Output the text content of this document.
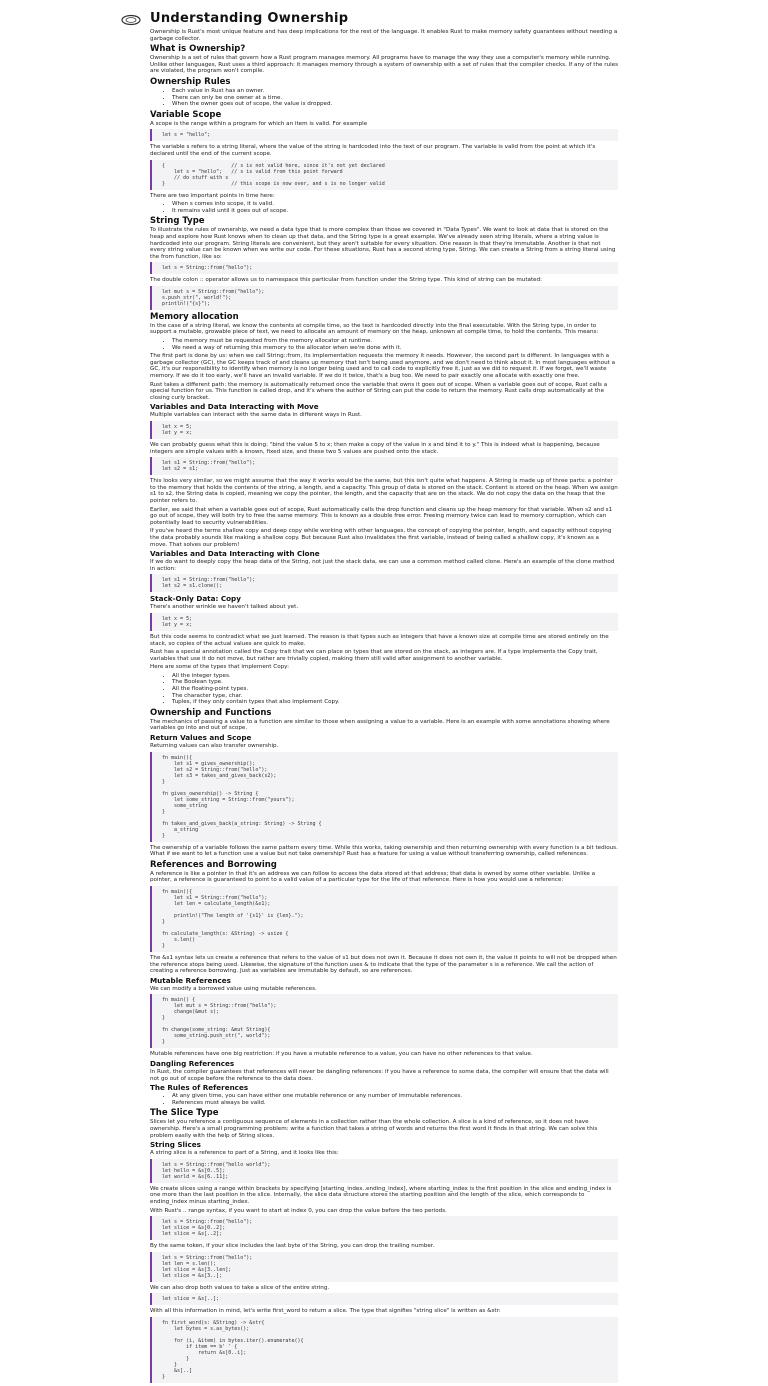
Understanding Ownership

Ownership is Rust's most unique feature and has deep implications for the rest of the language. It enables Rust to make memory safety guarantees without needing a garbage collector.

What is Ownership?

Ownership is a set of rules that govern how a Rust program manages memory. All programs have to manage the way they use a computer's memory while running. Unlike other languages, Rust uses a third approach: it manages memory through a system of ownership with a set of rules that the compiler checks. If any of the rules are violated, the program won't compile.

Ownership Rules
• Each value in Rust has an owner.
• There can only be one owner at a time.
• When the owner goes out of scope, the value is dropped.
Variable Scope

A scope is the range within a program for which an item is valid. For example

let s = "hello";

The variable s refers to a string literal, where the value of the string is hardcoded into the text of our program. The variable is valid from the point at which it's declared until the end of the current scope.

{                      // s is not valid here, since it's not yet declared
let s = "hello";   // s is valid from this point forward
// do stuff with s
}                      // this scope is now over, and s is no longer valid

There are two important points in time here:

• When s comes into scope, it is valid.
• It remains valid until it goes out of scope.
String Type

To illustrate the rules of ownership, we need a data type that is more complex than those we covered in "Data Types". We want to look at data that is stored on the heap and explore how Rust knows when to clean up that data, and the String type is a great example. We've already seen string literals, where a string value is hardcoded into our program. String literals are convenient, but they aren't suitable for every situation. One reason is that they're immutable. Another is that not every string value can be known when we write our code. For these situations, Rust has a second string type, String. We can create a String from a string literal using the from function, like so:

let s = String::from("hello");

The double colon :: operator allows us to namespace this particular from function under the String type. This kind of string can be mutated:

let mut s = String::from("hello");
s.push_str(", world!");
println!("{s}");
Memory allocation

In the case of a string literal, we know the contents at compile time, so the text is hardcoded directly into the final executable. With the String type, in order to support a mutable, growable piece of text, we need to allocate an amount of memory on the heap, unknown at compile time, to hold the contents. This means:

• The memory must be requested from the memory allocator at runtime.
• We need a way of returning this memory to the allocator when we're done with it.

The first part is done by us: when we call String::from, its implementation requests the memory it needs. However, the second part is different. In languages with a garbage collector (GC), the GC keeps track of and cleans up memory that isn't being used anymore, and we don't need to think about it. In most languages without a GC, it's our responsibility to identify when memory is no longer being used and to call code to explicitly free it, just as we did to request it. If we forget, we'll waste memory. If we do it too early, we'll have an invalid variable. If we do it twice, that's a bug too. We need to pair exactly one allocate with exactly one free.

Rust takes a different path: the memory is automatically returned once the variable that owns it goes out of scope. When a variable goes out of scope, Rust calls a special function for us. This function is called drop, and it's where the author of String can put the code to return the memory. Rust calls drop automatically at the closing curly bracket.

Variables and Data Interacting with Move

Multiple variables can interact with the same data in different ways in Rust.

let x = 5;
let y = x;

We can probably guess what this is doing: "bind the value 5 to x; then make a copy of the value in x and bind it to y." This is indeed what is happening, because integers are simple values with a known, fixed size, and these two 5 values are pushed onto the stack.

let s1 = String::from("hello");
let s2 = s1;

This looks very similar, so we might assume that the way it works would be the same, but this isn't quite what happens. A String is made up of three parts: a pointer to the memory that holds the contents of the string, a length, and a capacity. This group of data is stored on the stack. Content is stored on the heap. When we assign s1 to s2, the String data is copied, meaning we copy the pointer, the length, and the capacity that are on the stack. We do not copy the data on the heap that the pointer refers to.

Earlier, we said that when a variable goes out of scope, Rust automatically calls the drop function and cleans up the heap memory for that variable. When s2 and s1 go out of scope, they will both try to free the same memory. This is known as a double free error. Freeing memory twice can lead to memory corruption, which can potentially lead to security vulnerabilities.

If you've heard the terms shallow copy and deep copy while working with other languages, the concept of copying the pointer, length, and capacity without copying the data probably sounds like making a shallow copy. But because Rust also invalidates the first variable, instead of being called a shallow copy, it's known as a move. That solves our problem!

Variables and Data Interacting with Clone

If we do want to deeply copy the heap data of the String, not just the stack data, we can use a common method called clone. Here's an example of the clone method in action:

let s1 = String::from("hello");
let s2 = s1.clone();
Stack-Only Data: Copy

There's another wrinkle we haven't talked about yet.

let x = 5;
let y = x;

But this code seems to contradict what we just learned. The reason is that types such as integers that have a known size at compile time are stored entirely on the stack, so copies of the actual values are quick to make.

Rust has a special annotation called the Copy trait that we can place on types that are stored on the stack, as integers are. If a type implements the Copy trait, variables that use it do not move, but rather are trivially copied, making them still valid after assignment to another variable.

Here are some of the types that implement Copy:

• All the integer types.
• The Boolean type.
• All the floating-point types.
• The character type, char.
• Tuples, if they only contain types that also implement Copy.
Ownership and Functions

The mechanics of passing a value to a function are similar to those when assigning a value to a variable. Here is an example with some annotations showing where variables go into and out of scope.

Return Values and Scope

Returning values can also transfer ownership.

fn main(){
let s1 = gives_ownership();
let s2 = String::from("hello");
let s3 = takes_and_gives_back(s2);
}

fn gives_ownership() -> String {
let some_string = String::from("yours");
some_string
}

fn takes_and_gives_back(a_string: String) -> String {
a_string
}

The ownership of a variable follows the same pattern every time. While this works, taking ownership and then returning ownership with every function is a bit tedious. What if we want to let a function use a value but not take ownership? Rust has a feature for using a value without transferring ownership, called references.

References and Borrowing

A reference is like a pointer in that it's an address we can follow to access the data stored at that address; that data is owned by some other variable. Unlike a pointer, a reference is guaranteed to point to a valid value of a particular type for the life of that reference. Here is how you would use a reference:

fn main(){
let s1 = String::from("hello");
let len = calculate_length(&s1);

println!("The length of '{s1}' is {len}.");
}

fn calculate_length(s: &String) -> usize {
s.len()
}

The &s1 syntax lets us create a reference that refers to the value of s1 but does not own it. Because it does not own it, the value it points to will not be dropped when the reference stops being used. Likewise, the signature of the function uses & to indicate that the type of the parameter s is a reference. We call the action of creating a reference borrowing. Just as variables are immutable by default, so are references.

Mutable References

We can modify a borrowed value using mutable references.

fn main() {
let mut s = String::from("hello");
change(&mut s);
}

fn change(some_string: &mut String){
some_string.push_str(", world");
}

Mutable references have one big restriction: if you have a mutable reference to a value, you can have no other references to that value.

Dangling References

In Rust, the compiler guarantees that references will never be dangling references: if you have a reference to some data, the compiler will ensure that the data will not go out of scope before the reference to the data does.

The Rules of References
• At any given time, you can have either one mutable reference or any number of immutable references.
• References must always be valid.
The Slice Type

Slices let you reference a contiguous sequence of elements in a collection rather than the whole collection. A slice is a kind of reference, so it does not have ownership. Here's a small programming problem: write a function that takes a string of words and returns the first word it finds in that string. We can solve this problem easily with the help of String slices.

String Slices

A string slice is a reference to part of a String, and it looks like this:

let s = String::from("hello world");
let hello = &s[0..5];
let world = &s[6..11];

We create slices using a range within brackets by specifying [starting_index..ending_index], where starting_index is the first position in the slice and ending_index is one more than the last position in the slice. Internally, the slice data structure stores the starting position and the length of the slice, which corresponds to ending_index minus starting_index.

With Rust's .. range syntax, if you want to start at index 0, you can drop the value before the two periods.

let s = String::from("hello");
let slice = &s[0..2];
let slice = &s[..2];

By the same token, if your slice includes the last byte of the String, you can drop the trailing number.

let s = String::from("hello");
let len = s.len();
let slice = &s[3..len];
let slice = &s[3..];

We can also drop both values to take a slice of the entire string.

let slice = &s[..];

With all this information in mind, let's write first_word to return a slice. The type that signifies "string slice" is written as &str:

fn first_word(s: &String) -> &str{
let bytes = s.as_bytes();

for (i, &item) in bytes.iter().enumerate(){
if item == b' ' {
return &s[0..i];
}
}
&s[..]
}
